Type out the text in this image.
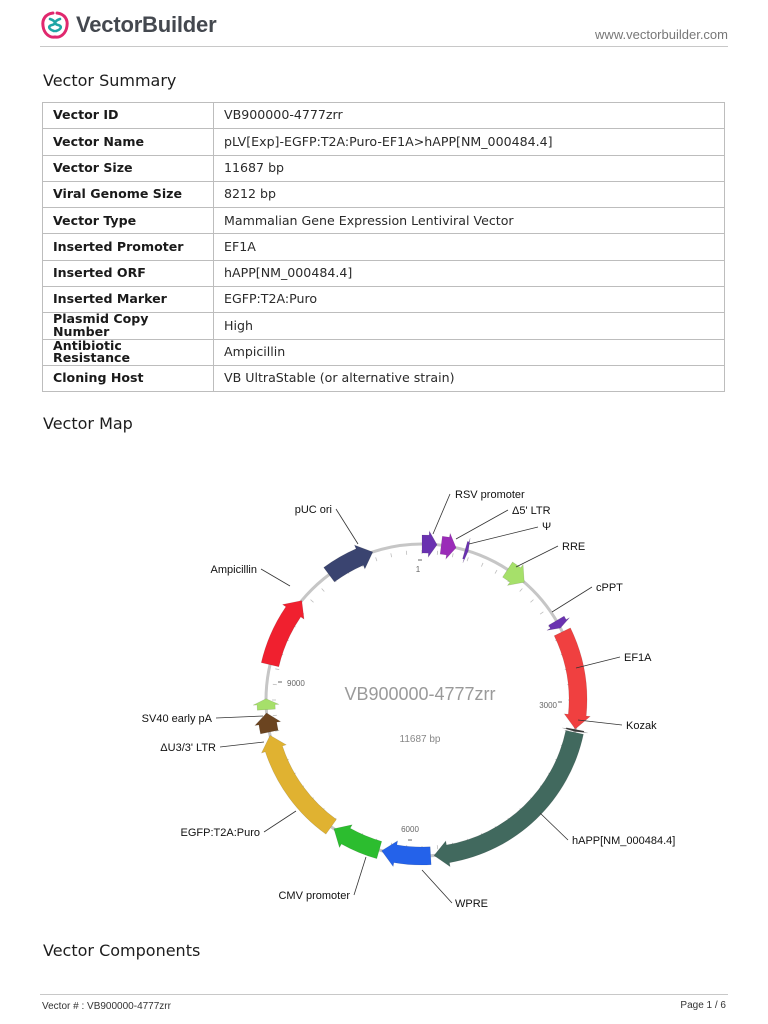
VectorBuilder	www.vectorbuilder.com
Vector Summary
Vector ID	VB900000-4777zrr
Vector Name	pLV[Exp]-EGFP:T2A:Puro-EF1A>hAPP[NM_000484.4]
Vector Size	11687 bp
Viral Genome Size	8212 bp
Vector Type	Mammalian Gene Expression Lentiviral Vector
Inserted Promoter	EF1A
Inserted ORF	hAPP[NM_000484.4]
Inserted Marker	EGFP:T2A:Puro
Plasmid Copy Number	High
Antibiotic Resistance	Ampicillin
Cloning Host	VB UltraStable (or alternative strain)
Vector Map
RSV promoter
Δ5' LTR
Ψ
RRE
cPPT
EF1A
Kozak
hAPP[NM_000484.4]
WPRE
CMV promoter
EGFP:T2A:Puro
ΔU3/3' LTR
SV40 early pA
Ampicillin
pUC ori
1
3000
6000
9000
VB900000-4777zrr
11687 bp
Vector Components
Vector # : VB900000-4777zrr	Page 1 / 6
